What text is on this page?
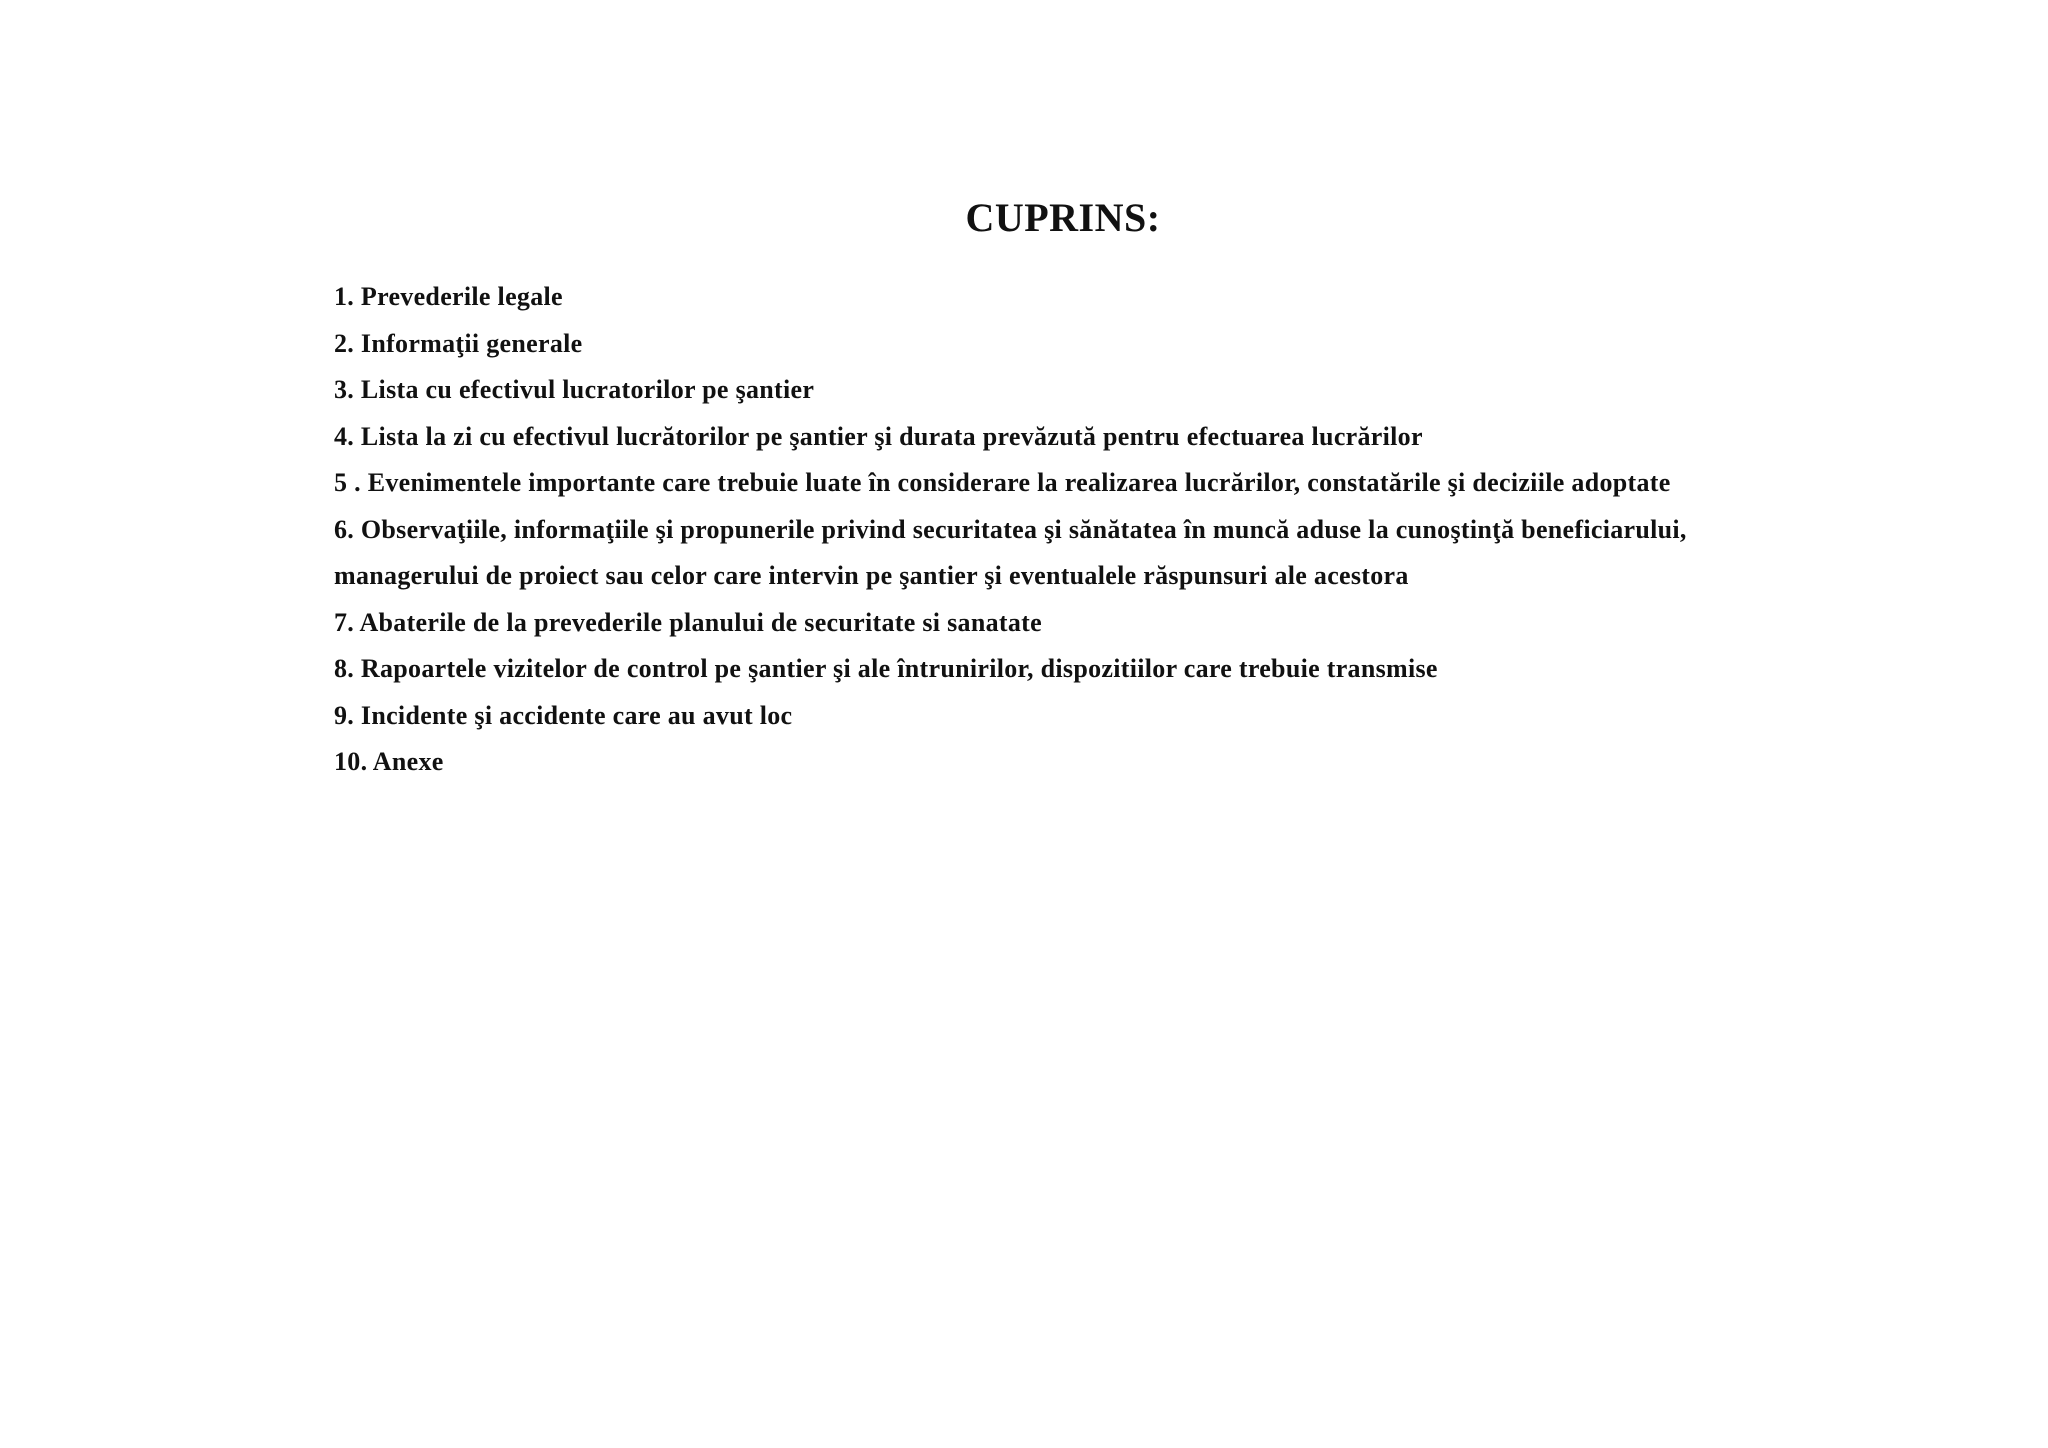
CUPRINS:
1. Prevederile legale
2. Informaţii generale
3. Lista cu efectivul lucratorilor pe şantier
4. Lista la zi cu efectivul lucrătorilor pe şantier şi durata prevăzută pentru efectuarea lucrărilor
5 . Evenimentele importante care trebuie luate în considerare la realizarea lucrărilor, constatările şi deciziile adoptate
6. Observaţiile, informaţiile şi propunerile privind securitatea şi sănătatea în muncă aduse la cunoştinţă beneficiarului,
managerului de proiect sau celor care intervin pe şantier şi eventualele răspunsuri ale acestora
7. Abaterile de la prevederile planului de securitate si sanatate
8. Rapoartele vizitelor de control pe şantier şi ale întrunirilor, dispozitiilor care trebuie transmise
9. Incidente şi accidente care au avut loc
10. Anexe
